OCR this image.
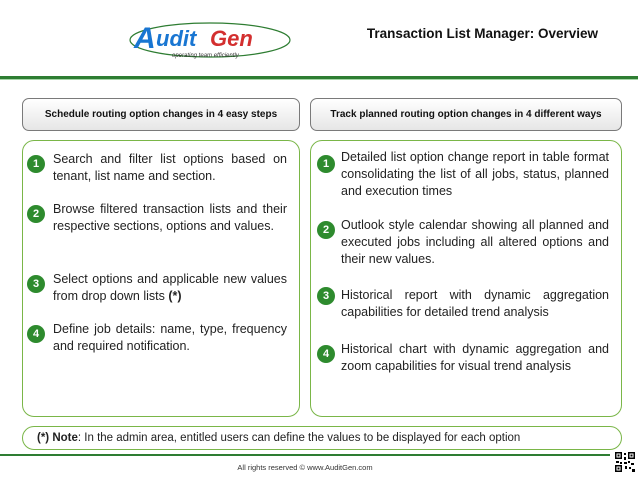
A udit Gen
operating team efficiently
Transaction List Manager: Overview
Schedule routing option changes in 4 easy steps	Track planned routing option changes in 4 different ways
1	Search and filter list options based on tenant, list name and section.
2	Browse filtered transaction lists and their respective sections, options and values.
3	Select options and applicable new values from drop down lists (*)
4	Define job details: name, type, frequency and required notification.
1 Detailed list option change report in table format consolidating the list of all jobs, status, planned and execution times
2 Outlook style calendar showing all planned and executed jobs including all altered options and their new values.
3 Historical report with dynamic aggregation capabilities for detailed trend analysis
4 Historical chart with dynamic aggregation and zoom capabilities for visual trend analysis
(*) Note : In the admin area, entitled users can define the values to be displayed for each option
All rights reserved © www.AuditGen.com
